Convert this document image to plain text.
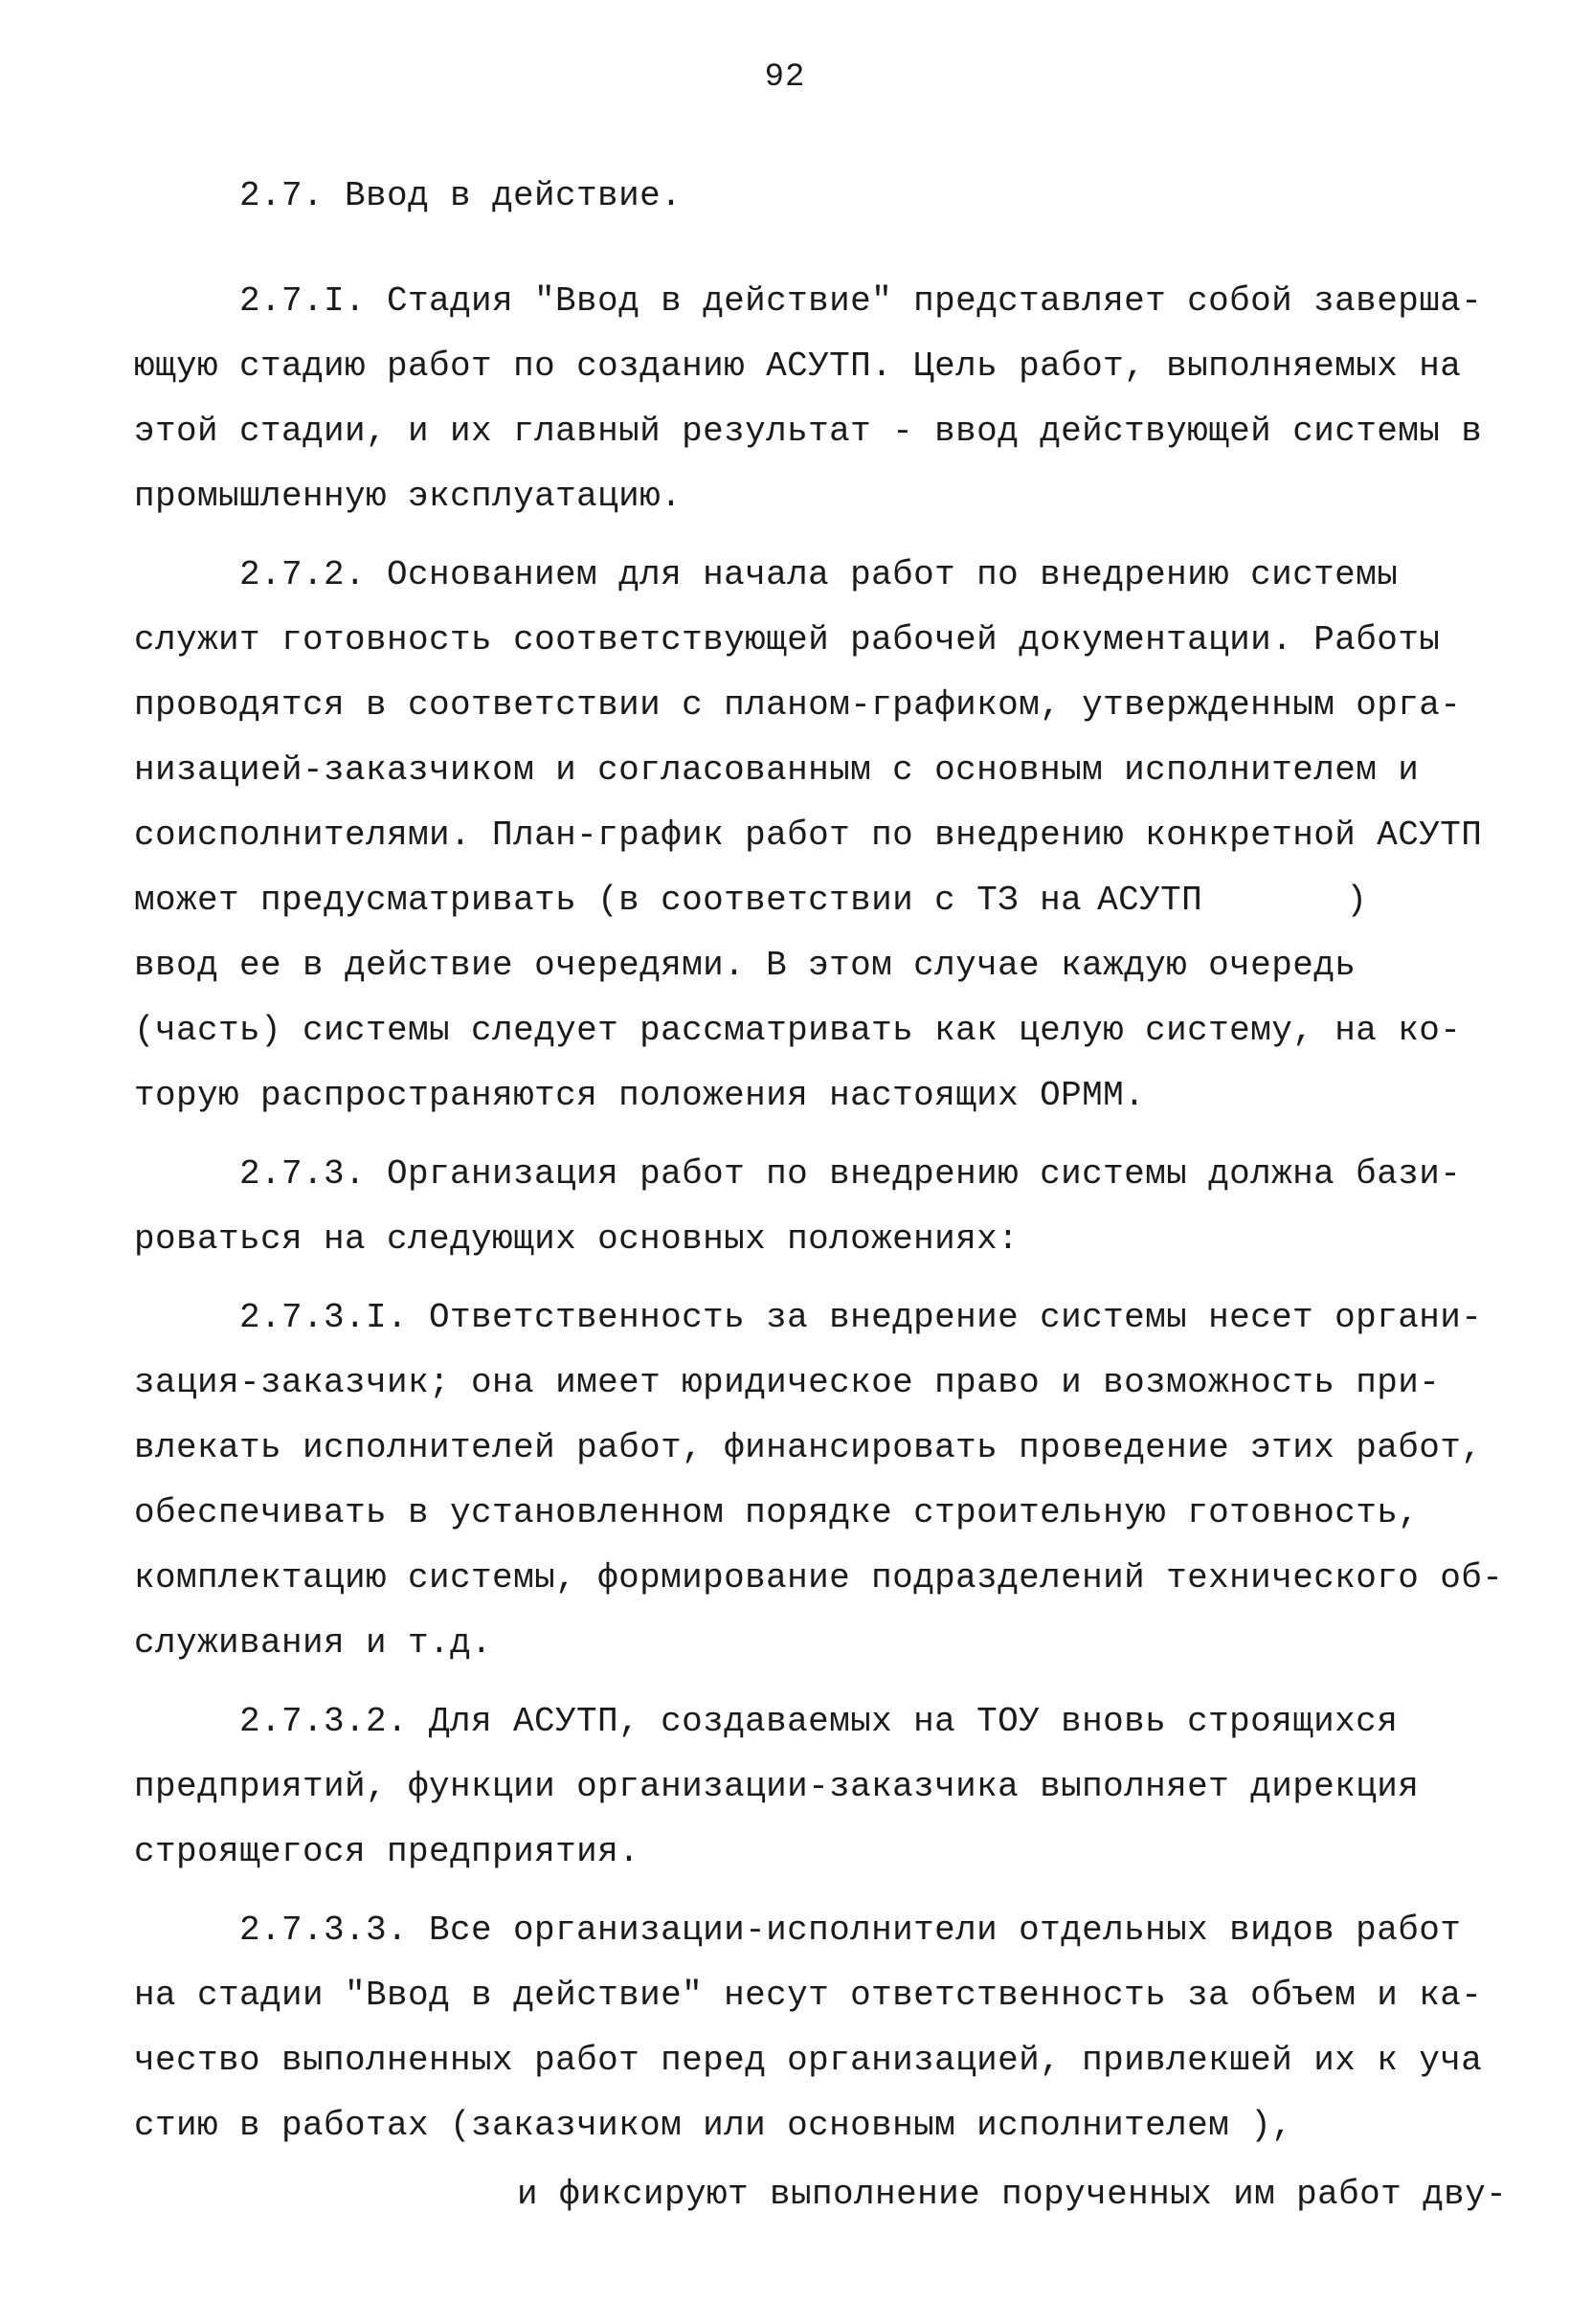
92
2.7. Ввод в действие.
2.7.I. Стадия "Ввод в действие" представляет собой заверша-
ющую стадию работ по созданию АСУТП. Цель работ, выполняемых на
этой стадии, и их главный результат - ввод действующей системы в
промышленную эксплуатацию.
2.7.2. Основанием для начала работ по внедрению системы
служит готовность соответствующей рабочей документации. Работы
проводятся в соответствии с планом-графиком, утвержденным орга-
низацией-заказчиком и согласованным с основным исполнителем и
соисполнителями. План-график работ по внедрению конкретной АСУТП
может предусматривать (в соответствии с ТЗ на АСУТП	)
ввод ее в действие очередями. В этом случае каждую очередь
(часть) системы следует рассматривать как целую систему, на ко-
торую распространяются положения настоящих ОРММ.
2.7.3. Организация работ по внедрению системы должна бази-
роваться на следующих основных положениях:
2.7.3.I. Ответственность за внедрение системы несет органи-
зация-заказчик; она имеет юридическое право и возможность при-
влекать исполнителей работ, финансировать проведение этих работ,
обеспечивать в установленном порядке строительную готовность,
комплектацию системы, формирование подразделений технического об-
служивания и т.д.
2.7.3.2. Для АСУТП, создаваемых на ТОУ вновь строящихся
предприятий, функции организации-заказчика выполняет дирекция
строящегося предприятия.
2.7.3.3. Все организации-исполнители отдельных видов работ
на стадии "Ввод в действие" несут ответственность за объем и ка-
чество выполненных работ перед организацией, привлекшей их к уча
стию в работах (заказчиком или основным исполнителем ),
и фиксируют выполнение порученных им работ дву-
